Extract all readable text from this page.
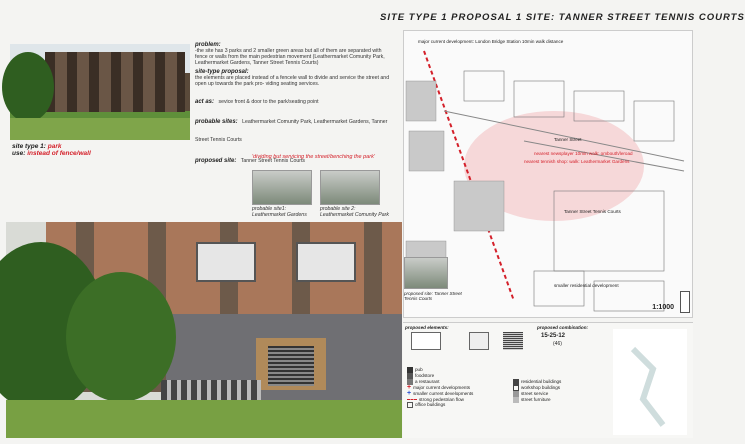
SITE TYPE 1 PROPOSAL 1 SITE: TANNER STREET TENNIS COURTS
problem:
-the site has 3 parks and 2 smaller green areas but all of them are separated with fence or walls from the main pedestrian movement (Leathermarket Comunity Park, Leathermarket Gardens, Tanner Street Tennis Courts)
site-type proposal:
the elements are placed instead of a fencele wall to divide and service the street and open up towards the park pro- viding seating services.
act as: sevice front & door to the park/seating point
probable sites: Leathermarket Comunity Park, Leathermarket Gardens, Tanner Street Tennis Courts
proposed site: Tanner Street Tennis Courts
site type 1: park
use: instead of fence/wall	'dividing but servicing the street/benching the park'
probable site1: Leathermarket Gardens
probable site 2: Leathermarket Comunity Park
major current development: London Bridge Station 10min walk distance
Tanner Street
nearest newsplayer 10min walk: ombouth/leroad
nearest tennish shop: walk: Leathermarket Gardens
Tanner Street Tennis Courts
smaller residential development
proposed site: Tanner Street Tennis Courts
1:1000
proposed elements:	proposed combination:
15-25-12
(46)
pub
foodstore
a restaurant
+ major current developments
+ smaller current developments
strong pedestrian flow
office buildings
residential buildings
workshop buildings
street service
street furniture
